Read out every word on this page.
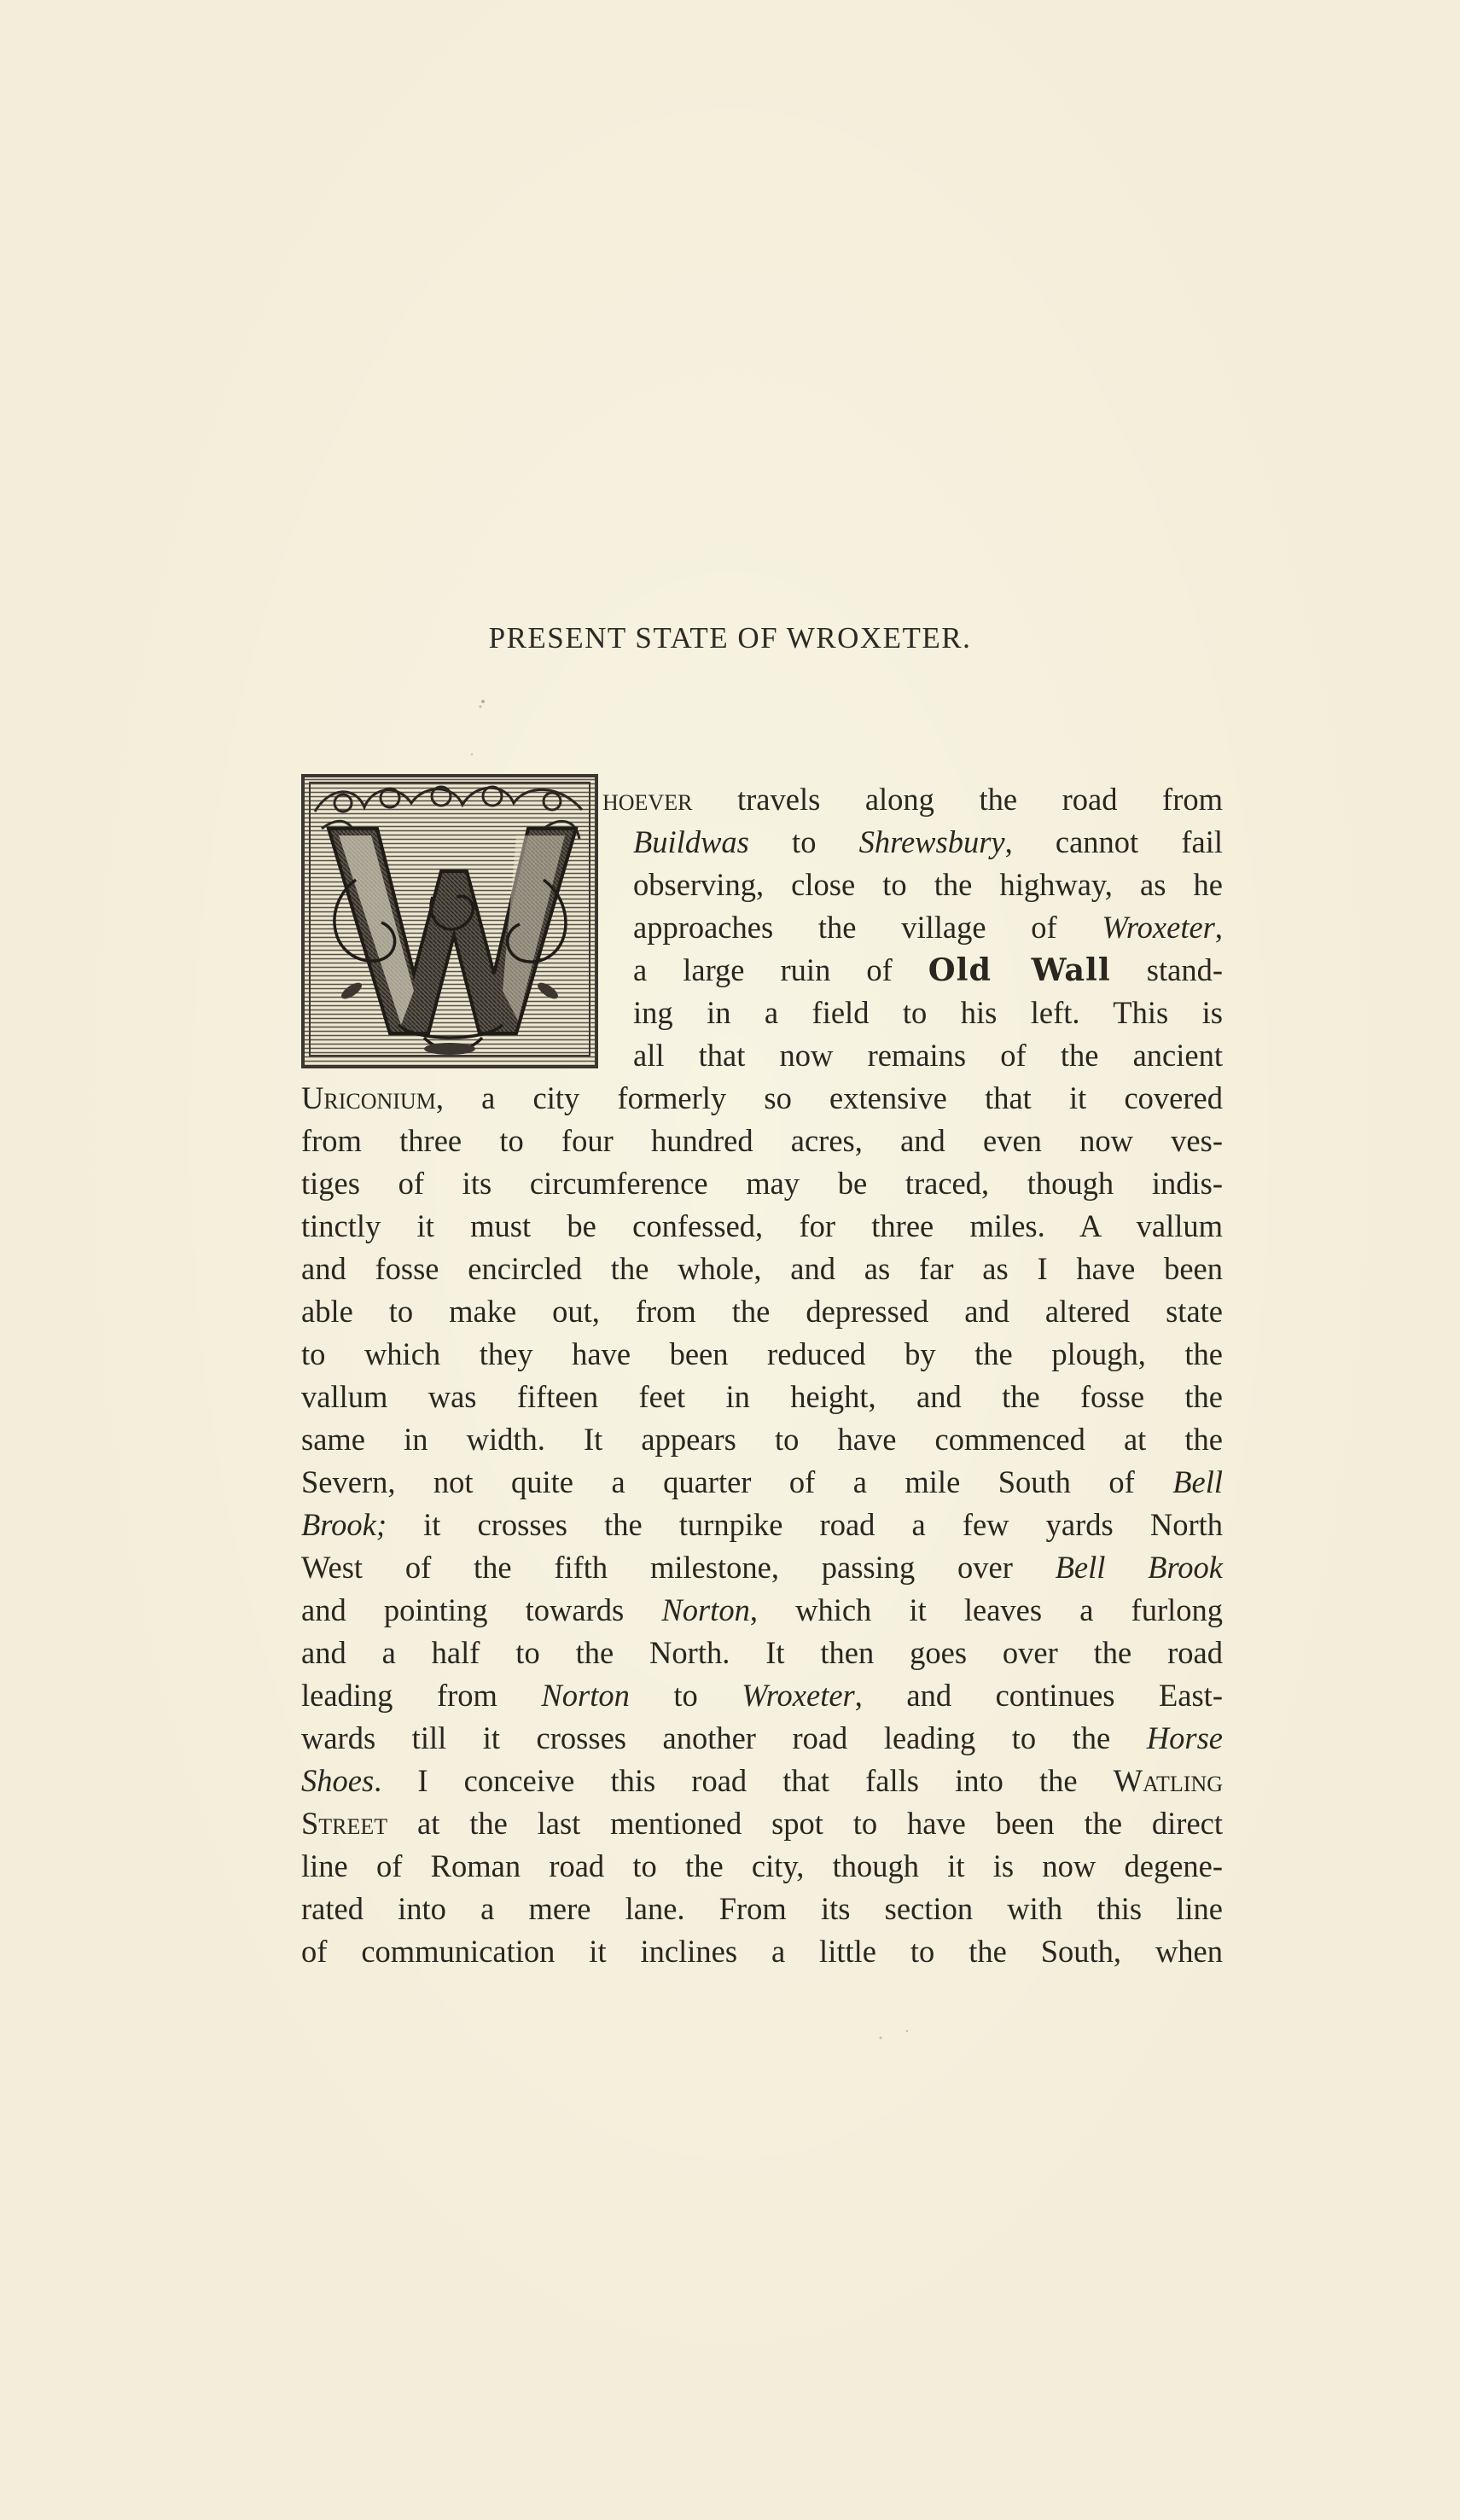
PRESENT STATE OF WROXETER.
hoever travels along the road from
Buildwas to Shrewsbury, cannot fail
observing, close to the highway, as he
approaches the village of Wroxeter,
a large ruin of Old Wall stand-
ing in a field to his left. This is
all that now remains of the ancient
Uriconium, a city formerly so extensive that it covered
from three to four hundred acres, and even now ves-
tiges of its circumference may be traced, though indis-
tinctly it must be confessed, for three miles. A vallum
and fosse encircled the whole, and as far as I have been
able to make out, from the depressed and altered state
to which they have been reduced by the plough, the
vallum was fifteen feet in height, and the fosse the
same in width. It appears to have commenced at the
Severn, not quite a quarter of a mile South of Bell
Brook; it crosses the turnpike road a few yards North
West of the fifth milestone, passing over Bell Brook
and pointing towards Norton, which it leaves a furlong
and a half to the North. It then goes over the road
leading from Norton to Wroxeter, and continues East-
wards till it crosses another road leading to the Horse
Shoes. I conceive this road that falls into the Watling
Street at the last mentioned spot to have been the direct
line of Roman road to the city, though it is now degene-
rated into a mere lane. From its section with this line
of communication it inclines a little to the South, when
